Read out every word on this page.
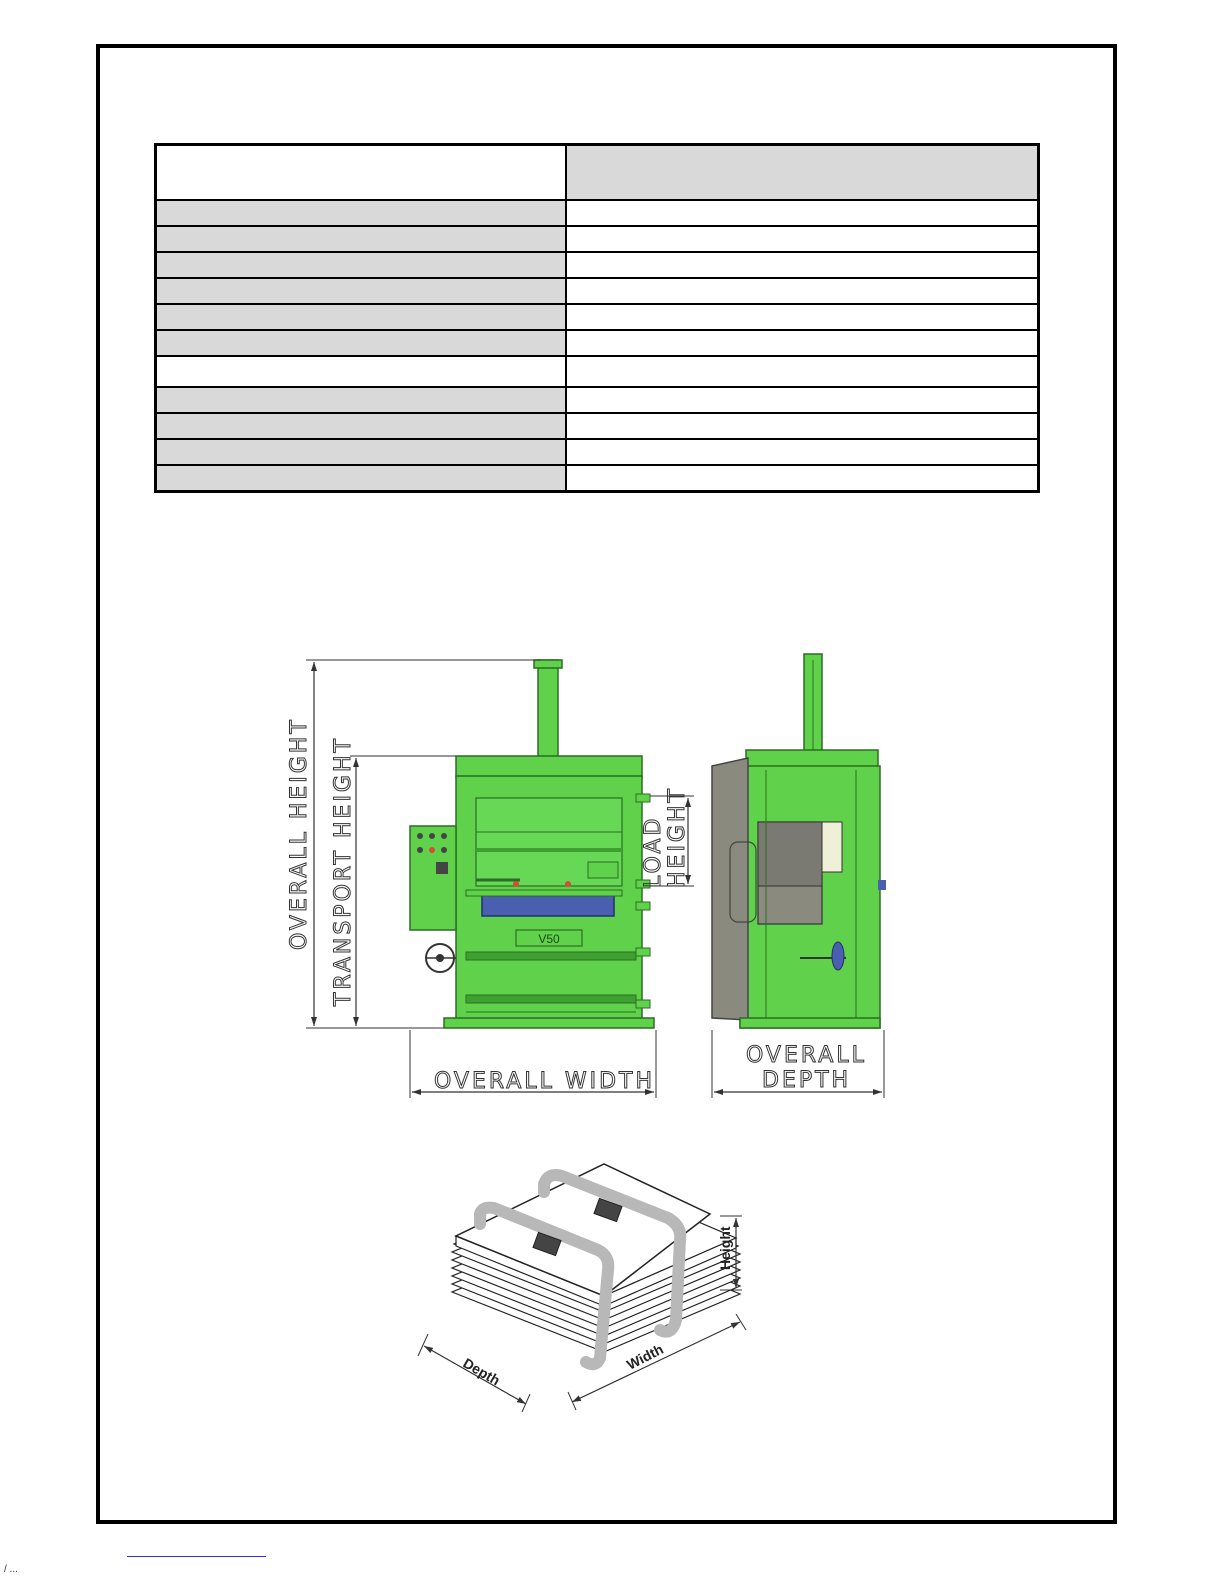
V50
OVERALL HEIGHT TRANSPORT HEIGHT	LOAD HEIGHT
OVERALL WIDTH
OVERALL
DEPTH
Height
Depth	Width
/ ...
